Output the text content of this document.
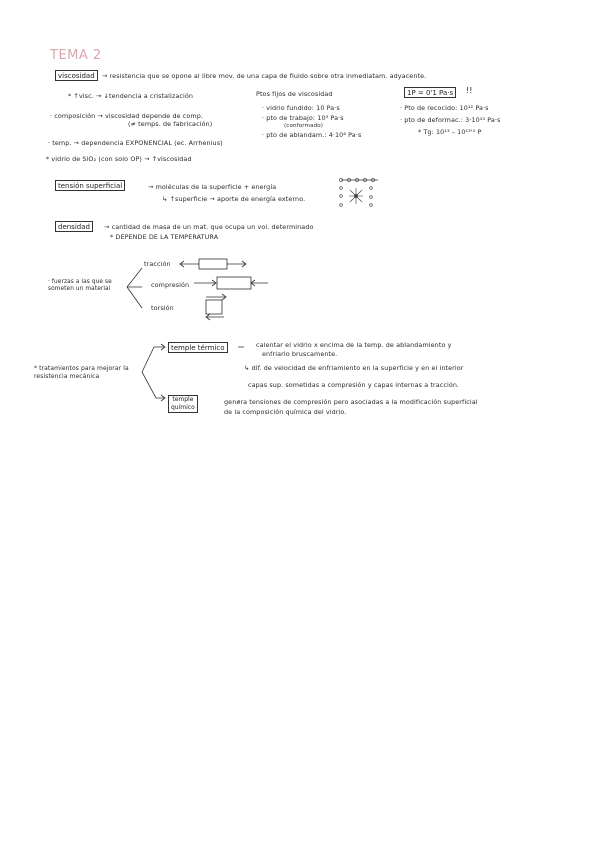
TEMA 2
viscosidad	→ resistencia que se opone al libre mov. de una capa de fluido sobre otra inmediatam. adyacente.
* ↑visc. → ↓tendencia a cristalización
· composición → viscosidad depende de comp.
(≠ temps. de fabricación)
· temp. → dependencia EXPONENCIAL (ec. Arrhenius)
* vidrio de SiO₂ (con solo OP) → ↑viscosidad
Ptos fijos de viscosidad
· vidrio fundido: 10 Pa·s
· pto de trabajo: 10³ Pa·s
(conformado)
· pto de ablandam.: 4·10⁶ Pa·s
1P = 0'1 Pa·s	!!
· Pto de recocido: 10¹² Pa·s
· pto de deformac.: 3·10¹³ Pa·s
* Tg: 10¹³ – 10¹³'⁵ P
tensión superficial	→ moléculas de la superficie + energía
↳ ↑superficie → aporte de energía externo.
densidad	→ cantidad de masa de un mat. que ocupa un vol. determinado
* DEPENDE DE LA TEMPERATURA
· fuerzas a las que se someten un material
tracción
compresión
torsión
* tratamientos para mejorar la resistencia mecánica
temple térmico	calentar el vidrio x encima de la temp. de ablandamiento y
enfriarlo bruscamente.
↳ dif. de velocidad de enfriamiento en la superficie y en el interior
capas sup. sometidas a compresión y capas internas a tracción.
temple
químico
genera tensiones de compresión pero asociadas a la modificación superficial
de la composición química del vidrio.
